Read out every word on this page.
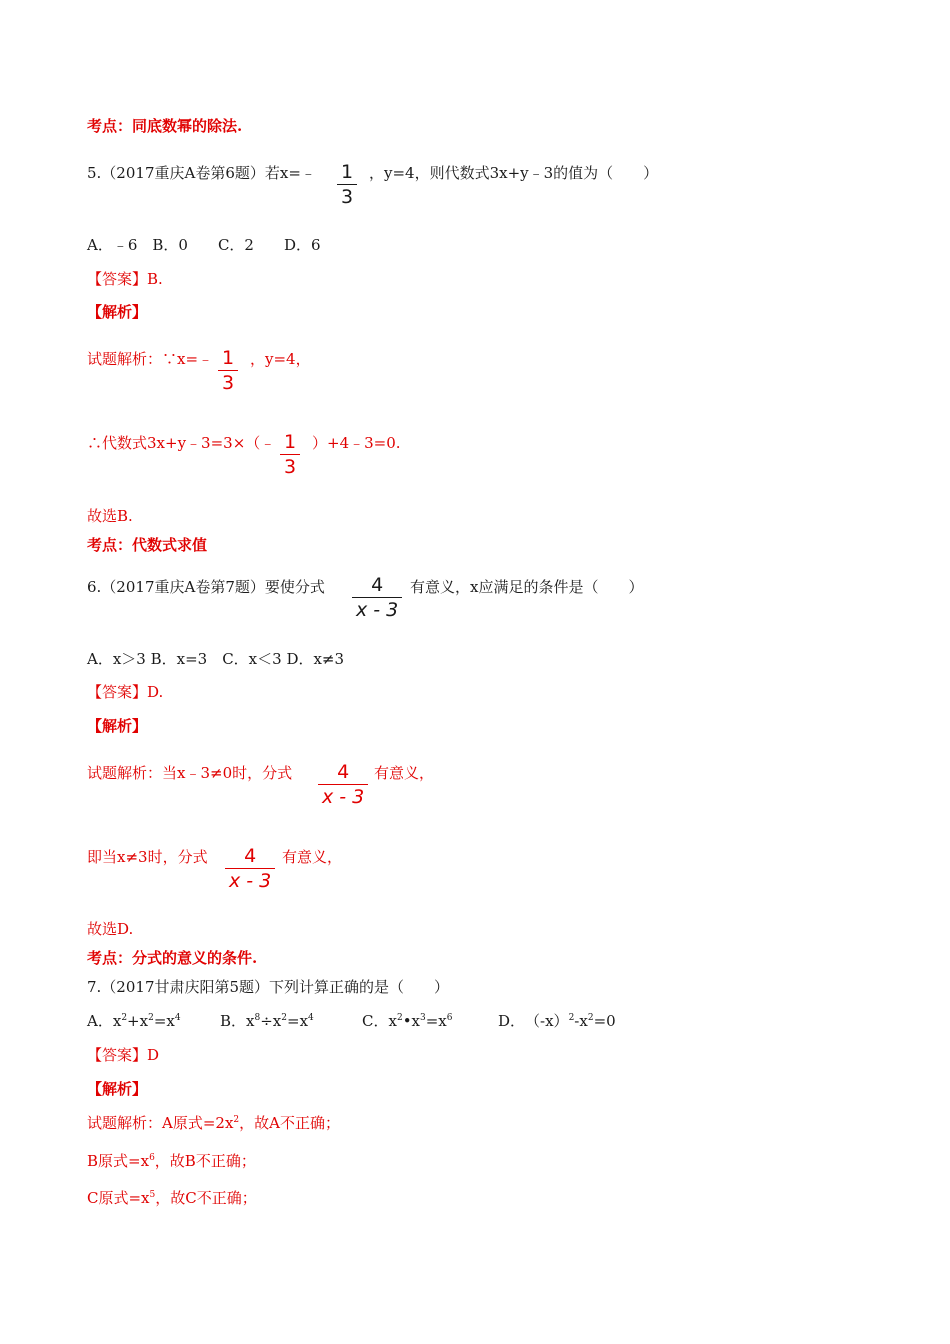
考点：同底数幂的除法.
5.（2017重庆A卷第6题）若x=﹣ $\frac{1}{3}$ ，y=4，则代数式3x+y﹣3的值为（　　）
A．﹣6　B．0　　C．2　　D．6
【答案】B.
【解析】
试题解析：∵x=﹣ $\frac{1}{3}$ ，y=4，
∴代数式3x+y﹣3=3×（﹣ $\frac{1}{3}$ ）+4﹣3=0.
故选B.
考点：代数式求值
6.（2017重庆A卷第7题）要使分式 $\frac{4}{x - 3}$ 有意义，x应满足的条件是（　　）
A．x＞3 B．x=3　C．x＜3 D．x≠3
【答案】D.
【解析】
试题解析：当x﹣3≠0时，分式 $\frac{4}{x - 3}$ 有意义，
即当x≠3时，分式 $\frac{4}{x - 3}$ 有意义，
故选D.
考点：分式的意义的条件.
7.（2017甘肃庆阳第5题）下列计算正确的是（　　）
A．$x^2+x^2=x^4$	B．$x^8\div x^2=x^4$	C．$x^2•x^3=x^6$	D．$(-x)^2-x^2=0$
【答案】D
【解析】
试题解析：A原式$=2x^2$，故A不正确；
B原式$=x^6$，故B不正确；
C原式$=x^5$，故C不正确；
